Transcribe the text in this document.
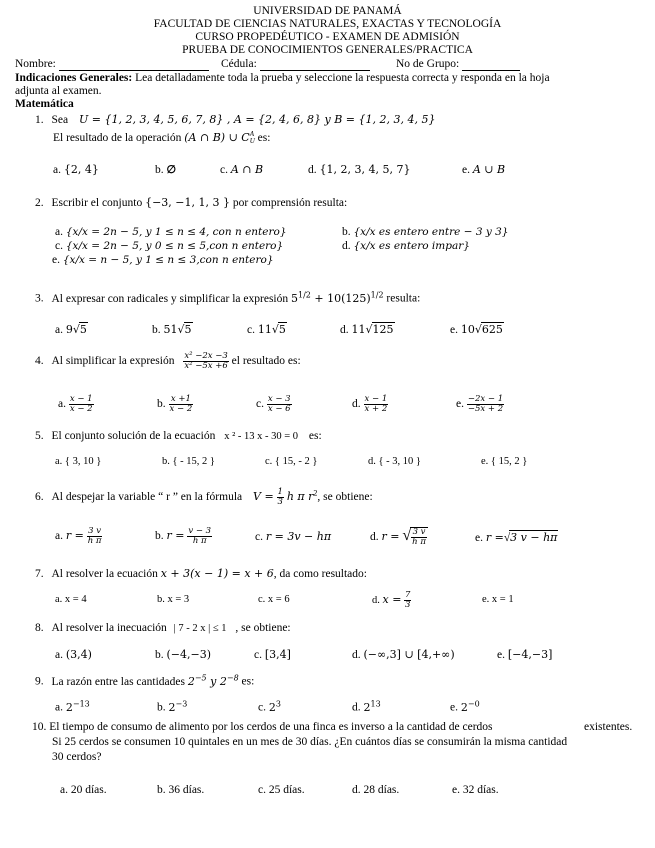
UNIVERSIDAD DE PANAMÁ
FACULTAD DE CIENCIAS NATURALES, EXACTAS Y TECNOLOGÍA
CURSO PROPEDÉUTICO - EXAMEN DE ADMISIÓN
PRUEBA DE CONOCIMIENTOS GENERALES/PRACTICA
Nombre:	Cédula:	No de Grupo:
Indicaciones Generales: Lea detalladamente toda la prueba y seleccione la respuesta correcta y responda en la hoja
adjunta al examen.
Matemática
1. Sea U = {1, 2, 3, 4, 5, 6, 7, 8} , A = {2, 4, 6, 8} y B = {1, 2, 3, 4, 5}
El resultado de la operación (A ∩ B) ∪ C A
U es:
a. {2, 4}	b. ∅	c. A ∩ B	d. {1, 2, 3, 4, 5, 7}	e. A ∪ B
2. Escribir el conjunto {−3, −1, 1, 3 } por comprensión resulta:
a. {x/x = 2n − 5, y 1 ≤ n ≤ 4, con n entero}	b. {x/x es entero entre − 3 y 3}
c. {x/x = 2n − 5, y 0 ≤ n ≤ 5,con n entero}	d. {x/x es entero impar}
e. {x/x = n − 5, y 1 ≤ n ≤ 3,con n entero}
3. Al expresar con radicales y simplificar la expresión $5^{1/2} + 10(125)^{1/2}$ resulta:
a. 9√5	b. 51√5	c. 11√5	d. 11√125	e. 10√625
4. Al simplificar la expresión $\frac{\text{x² −2x −3}}{\text{x² −5x +6}}$ el resultado es:
a. $\frac{x - 1}{x - 2}$	b. $\frac{x +1}{x - 2}$	c. $\frac{x - 3}{x - 6}$	d. $\frac{x - 1}{x + 2}$	e. $\frac{-2x - 1}{-5x + 2}$
5. El conjunto solución de la ecuación x ² - 13 x - 30 = 0 es:
a. { 3, 10 }	b. { - 15, 2 }	c. { 15, - 2 }	d. { - 3, 10 }	e. { 15, 2 }
6. Al despejar la variable “ r ” en la fórmula $V = \frac{1}{3}$ h π $r^2$, se obtiene:
a. $r = \frac{3 v}{\text{h π}}$	b. $r = \frac{v - 3}{\text{h π}}$	c. r = 3v − hπ	d. r = √ $\frac{3 v}{\text{h π}}$	e. r =√3 v − hπ
7. Al resolver la ecuación x + 3(x − 1) = x + 6, da como resultado:
a. x = 4	b. x = 3	c. x = 6	d. $x = \frac{7}{3}$	e. x = 1
8. Al resolver la inecuación | 7 - 2 x | ≤ 1 , se obtiene:
a. (3,4)	b. (−4,−3)	c. [3,4]	d. (−∞,3] ∪ [4,+∞)	e. [−4,−3]
9. La razón entre las cantidades $2^{-5}$ y $2^{-8}$ es:
a. $2^{-13}$	b. $2^{-3}$	c. $2^3$	d. $2^{13}$	e. $2^{-0}$
10. El tiempo de consumo de alimento por los cerdos de una finca es inverso a la cantidad de cerdos	existentes.
Si 25 cerdos se consumen 10 quintales en un mes de 30 días. ¿En cuántos días se consumirán la misma cantidad
30 cerdos?
a. 20 días.	b. 36 días.	c. 25 días.	d. 28 días.	e. 32 días.
